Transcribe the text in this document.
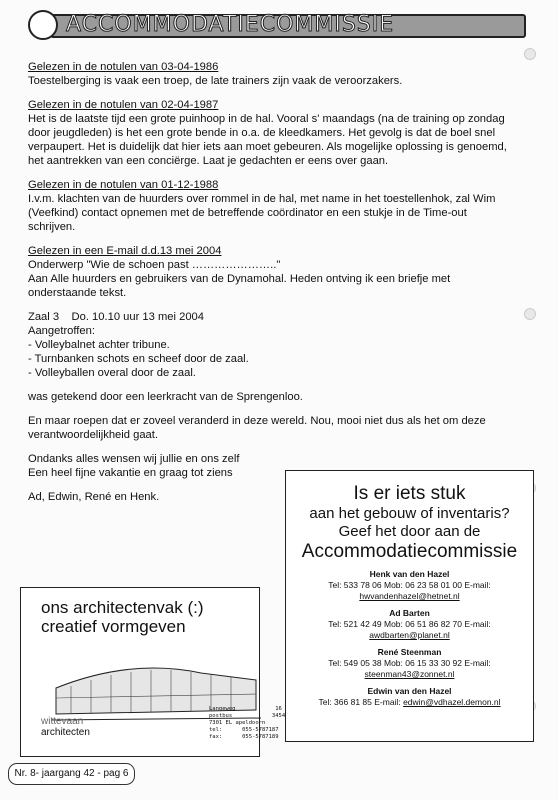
ACCOMMODATIECOMMISSIE

Gelezen in de notulen van 03-04-1986

Toestelberging is vaak een troep, de late trainers zijn vaak de veroorzakers.

Gelezen in de notulen van 02-04-1987

Het is de laatste tijd een grote puinhoop in de hal. Vooral s' maandags (na de training op zondag door jeugdleden) is het een grote bende in o.a. de kleedkamers. Het gevolg is dat de boel snel verpaupert. Het is duidelijk dat hier iets aan moet gebeuren. Als mogelijke oplossing is genoemd, het aantrekken van een conciërge. Laat je gedachten er eens over gaan.

Gelezen in de notulen van 01-12-1988

I.v.m. klachten van de huurders over rommel in de hal, met name in het toestellenhok, zal Wim (Veefkind) contact opnemen met de betreffende coördinator en een stukje in de Time-out schrijven.

Gelezen in een E-mail d.d.13 mei 2004

Onderwerp "Wie de schoen past ………………….."

Aan Alle huurders en gebruikers van de Dynamohal. Heden ontving ik een briefje met onderstaande tekst.

Zaal 3    Do. 10.10 uur 13 mei 2004

Aangetroffen:

- Volleybalnet achter tribune.

- Turnbanken schots en scheef door de zaal.

- Volleyballen overal door de zaal.

was getekend door een leerkracht van de Sprengenloo.

En maar roepen dat er zoveel veranderd in deze wereld. Nou, mooi niet dus als het om deze verantwoordelijkheid gaat.

Ondanks alles wensen wij jullie en ons zelf

Een heel fijne vakantie en graag tot ziens

Ad, Edwin, René en Henk.

ons architectenvak (:)
creatief vormgeven
wittevaan
architecten
Langeweg            16
postbus            3454
7301 EL apeldoorn
tel:      055-5787187
fax:      055-5787189
Is er iets stuk
aan het gebouw of inventaris?
Geef het door aan de
Accommodatiecommissie
Henk van den Hazel
Tel: 533 78 06 Mob: 06 23 58 01 00 E-mail:
hwvandenhazel@hetnet.nl
Ad Barten
Tel: 521 42 49 Mob: 06 51 86 82 70 E-mail:
awdbarten@planet.nl
René Steenman
Tel: 549 05 38 Mob: 06 15 33 30 92 E-mail:
steenman43@zonnet.nl
Edwin van den Hazel
Tel: 366 81 85 E-mail: edwin@vdhazel.demon.nl
Nr. 8- jaargang 42 - pag 6
